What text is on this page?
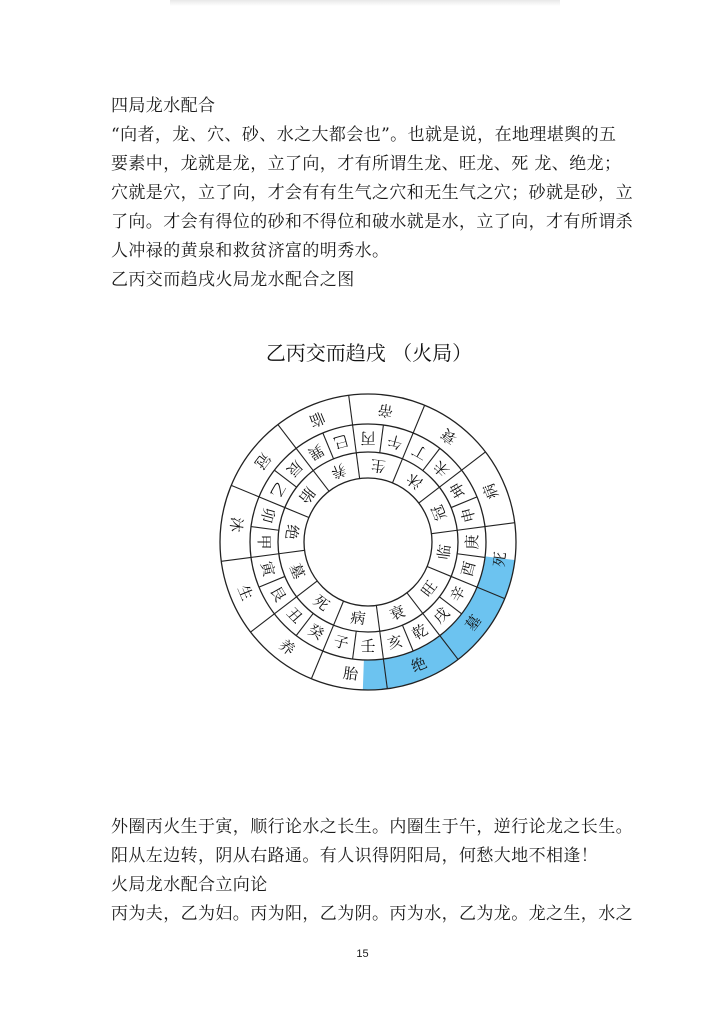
四局龙水配合
“向者，龙、穴、砂、水之大都会也”。也就是说，在地理堪舆的五
要素中，龙就是龙，立了向，才有所谓生龙、旺龙、死 龙、绝龙；
穴就是穴，立了向，才会有有生气之穴和无生气之穴；砂就是砂，立
了向。才会有得位的砂和不得位和破水就是水，立了向，才有所谓杀
人冲禄的黄泉和救贫济富的明秀水。
乙丙交而趋戌火局龙水配合之图
乙丙交而趋戌 （火局）
衰
病
死
墓
绝
胎
养
生
沐
冠
临	帝
丙 午 丁
未
坤
申
庚
酉
辛
戌
乾
亥
壬
子
癸
丑
艮
寅
甲
卯
乙
辰
巽 巳
生
沐
冠
临
旺
衰
病
死
墓
绝
胎
养
外圈丙火生于寅，顺行论水之长生。内圈生于午，逆行论龙之长生。
阳从左边转，阴从右路通。有人识得阴阳局，何愁大地不相逢！
火局龙水配合立向论
丙为夫，乙为妇。丙为阳，乙为阴。丙为水，乙为龙。龙之生，水之
15
